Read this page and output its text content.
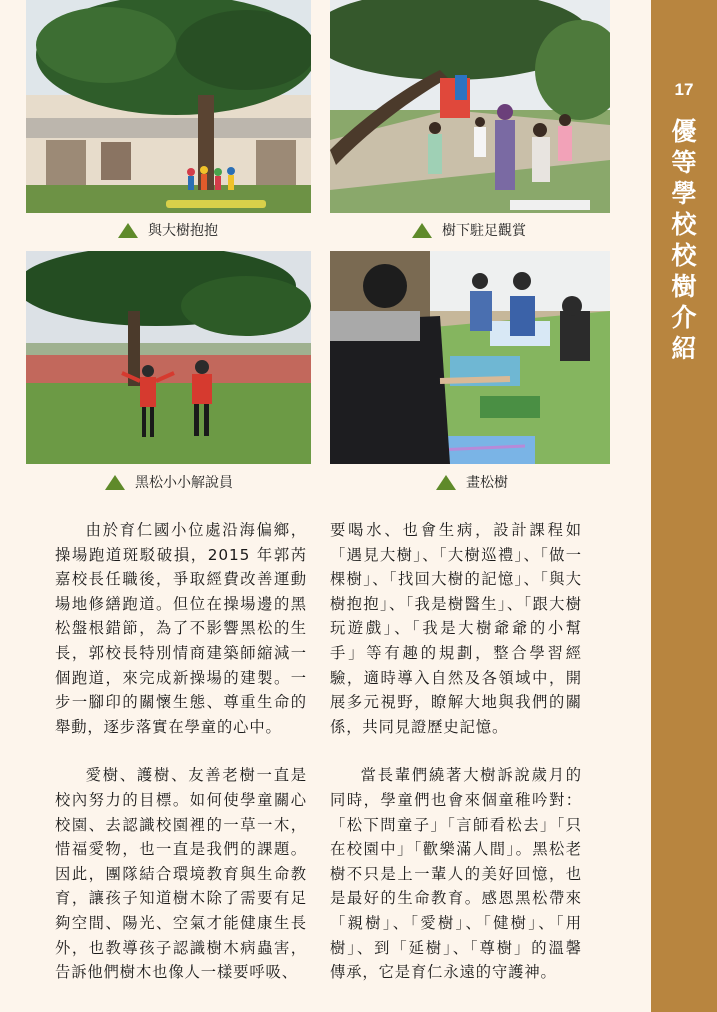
17
優等學校校樹介紹
與大樹抱抱	樹下駐足觀賞
黑松小小解說員	畫松樹

由於育仁國小位處沿海偏鄉，操場跑道斑駁破損，2015 年郭芮嘉校長任職後，爭取經費改善運動場地修繕跑道。但位在操場邊的黑松盤根錯節，為了不影響黑松的生長，郭校長特別情商建築師縮減一個跑道，來完成新操場的建製。一步一腳印的關懷生態、尊重生命的舉動，逐步落實在學童的心中。

愛樹、護樹、友善老樹一直是校內努力的目標。如何使學童關心校園、去認識校園裡的一草一木，惜福愛物，也一直是我們的課題。因此，團隊結合環境教育與生命教育，讓孩子知道樹木除了需要有足夠空間、陽光、空氣才能健康生長外，也教導孩子認識樹木病蟲害，告訴他們樹木也像人一樣要呼吸、

要喝水、也會生病，設計課程如「遇見大樹」、「大樹巡禮」、「做一棵樹」、「找回大樹的記憶」、「與大樹抱抱」、「我是樹醫生」、「跟大樹玩遊戲」、「我是大樹爺爺的小幫手」等有趣的規劃，整合學習經驗，適時導入自然及各領域中，開展多元視野，瞭解大地與我們的關係，共同見證歷史記憶。

當長輩們繞著大樹訴說歲月的同時，學童們也會來個童稚吟對：「松下問童子」「言師看松去」「只在校園中」「歡樂滿人間」。黑松老樹不只是上一輩人的美好回憶，也是最好的生命教育。感恩黑松帶來「親樹」、「愛樹」、「健樹」、「用樹」、到「延樹」、「尊樹」的溫馨傳承，它是育仁永遠的守護神。
